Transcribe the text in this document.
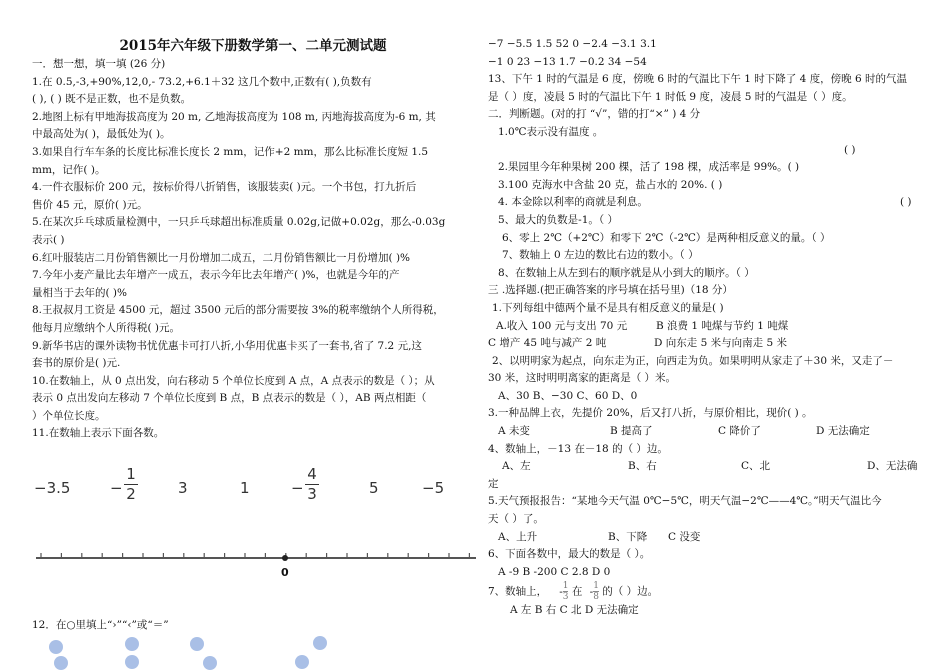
2015年六年级下册数学第一、二单元测试题
一．想一想，填一填 (26 分)
1.在 0.5,-3,+90%,12,0,- 73.2,+6.1＋32 这几个数中,正数有( ),负数有
( ), ( ) 既不是正数，也不是负数。
2.地图上标有甲地海拔高度为 20 m, 乙地海拔高度为 108 m, 丙地海拔高度为-6 m, 其
中最高处为( )，最低处为( )。
3.如果自行车车条的长度比标准长度长 2 mm，记作+2 mm，那么比标准长度短 1.5
mm，记作( )。
4.一件衣服标价 200 元，按标价得八折销售，该服装卖( )元。一个书包，打九折后
售价 45 元，原价( )元。
5.在某次乒乓球质量检测中，一只乒乓球超出标准质量 0.02g,记做+0.02g，那么-0.03g
表示( )
6.红叶服装店二月份销售额比一月份增加二成五，二月份销售额比一月份增加( )%
7.今年小麦产量比去年增产一成五，表示今年比去年增产( )%，也就是今年的产
量相当于去年的( )%
8.王叔叔月工资是 4500 元，超过 3500 元后的部分需要按 3%的税率缴纳个人所得税，
他每月应缴纳个人所得税( )元。
9.新华书店的课外读物书忧优惠卡可打八折,小华用优惠卡买了一套书,省了 7.2 元,这
套书的原价是( )元.
10.在数轴上，从 0 点出发，向右移动 5 个单位长度到 A 点，A 点表示的数是（ ）；从
表示 0 点出发向左移动 7 个单位长度到 B 点，B 点表示的数是（ ），AB 两点相距（
）个单位长度。
11.在数轴上表示下面各数。
−3.5	−
1
2	3	1	−
4
3	5	−5
0
12．在○里填上“›”“‹”或“＝”
−7 −5.5 1.5 52 0 −2.4 −3.1 3.1
−1 0 23 −13 1.7 −0.2 34 −54
13、下午 1 时的气温是 6 度，傍晚 6 时的气温比下午 1 时下降了 4 度，傍晚 6 时的气温
是（ ）度，凌晨 5 时的气温比下午 1 时低 9 度，凌晨 5 时的气温是（ ）度。
二．判断题。(对的打 “√”，错的打“×” ) 4 分
1.0℃表示没有温度 。
( )
2.果园里今年种果树 200 棵，活了 198 棵，成活率是 99%。( )
3.100 克海水中含盐 20 克，盐占水的 20%. ( )
4. 本金除以利率的商就是利息。	( )
5、最大的负数是-1。（ ）
6、零上 2℃（+2℃）和零下 2℃（-2℃）是两种相反意义的量。（ ）
7、数轴上 0 左边的数比右边的数小。（ ）
8、在数轴上从左到右的顺序就是从小到大的顺序。（ ）
三 .选择题.(把正确答案的序号填在括号里)（18 分）
1.下列每组中德两个量不是具有相反意义的量是( )
A.收入 100 元与支出 70 元	B 浪费 1 吨煤与节约 1 吨煤
C 增产 45 吨与减产 2 吨	D 向东走 5 米与向南走 5 米
2、以明明家为起点，向东走为正，向西走为负。如果明明从家走了＋30 米，又走了－
30 米，这时明明离家的距离是（ ）米。
A、30 B、−30 C、60 D、0
3.一种品牌上衣，先提价 20%，后又打八折，与原价相比，现价( ) 。
A 未变	B 提高了	C 降价了	D 无法确定
4、数轴上，－13 在－18 的（ ）边。
A、左	B、右	C、北	D、无法确
定
5.天气预报报告：“某地今天气温 0℃−5℃，明天气温−2℃——4℃。”明天气温比今
天（ ）了。
A、上升	B、下降	C 没变
6、下面各数中，最大的数是（ ）。
A -9 B -200 C 2.8 D 0
7、数轴上， - $\frac{1}{3}$ 在 - $\frac{1}{8}$ 的（ ）边。
A 左 B 右 C 北 D 无法确定
